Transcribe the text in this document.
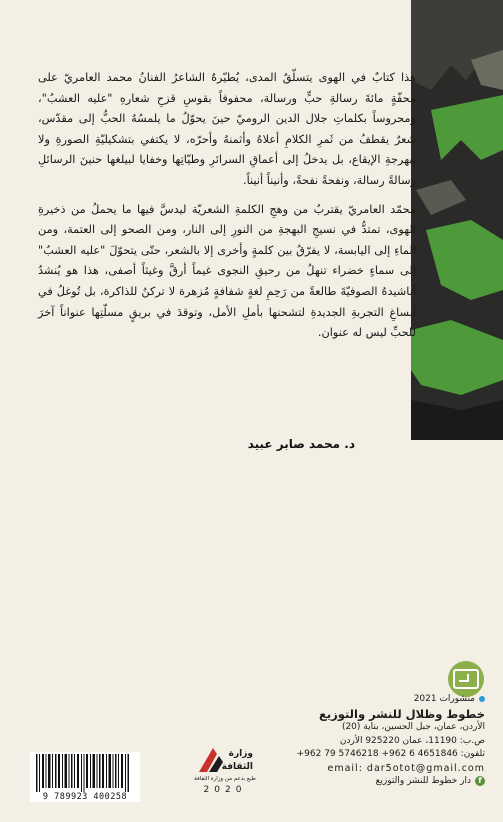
هذا كتابٌ في الهوى يتسلّقُ المدى، يُطيّرهُ الشاعرُ الفنانُ محمد العامريّ على محفّةٍ مائةَ رسالةِ حبٍّ ورسالة، محفوفاً بقوسِ قزحِ شعارهِ "عليه العشبُ"، ومحروساً بكلماتِ جلال الدين الروميّ حينَ يحوّلُ ما يلمسُهُ الحبُّ إلى مقدّس، شعرٌ يقطفُ من ثَمرِ الكلامِ أعلاهُ وأثمنهُ وأحرّه، لا يكتفي بتشكيليّةِ الصورةِ ولا ببهرجةِ الإيقاع، بل يدخلُ إلى أعماقِ السرائرِ وطيّاتِها وخفايا لبيلغها حنينَ الرسائلِ رسالةً رسالة، ونفحةً نفحةً، وأنيناً أنيناً.

محمّد العامريّ يقتربُ من وهجِ الكلمةِ الشعريّة ليدسَّ فيها ما يحملُ من ذخيرةِ الهوى، تمتدُّ في نسيجِ البهجةِ من النورِ إلى النار، ومن الصحو إلى العتمة، ومن الماءِ إلى اليابسة، لا يفرّقُ بين كلمةٍ وأخرى إلا بالشعر، حتّى يتحوّلَ "عليه العشبُ" إلى سماءٍ خضراء تنهلُ من رحيقِ النجوى غيماً أرقَّ وغيثاً أصفى، هذا هو يُنشدُ أناشيدهُ الصوفيّةَ طالعةً من رَحِمِ لغةٍ شفافةٍ مُزهرة لا تركنُ للذاكرة، بل تُوغلُ في أنساغِ التجربةِ الجديدةِ لتشحنها بأملِ الأمل، وتوقدَ في بريقٍ مسلّتِها عنواناً آخرَ للحبِّ ليس له عنوان.

د. محمد صابر عبيد
منشورات 2021
خطوط وظلال للنشر والتوزيع
الأردن، عمان، جبل الحسين، بناية (20)
ص.ب: 11190، عمان 925220 الأردن
تلفون: 4651846 6 962+ 5746218 79 962+
email: dar5otot@gmail.com
f
دار خطوط للنشر والتوزيع
وزارة
الثقافة
طبع بدعم من وزارة الثقافة
2020
9 789923 400258
